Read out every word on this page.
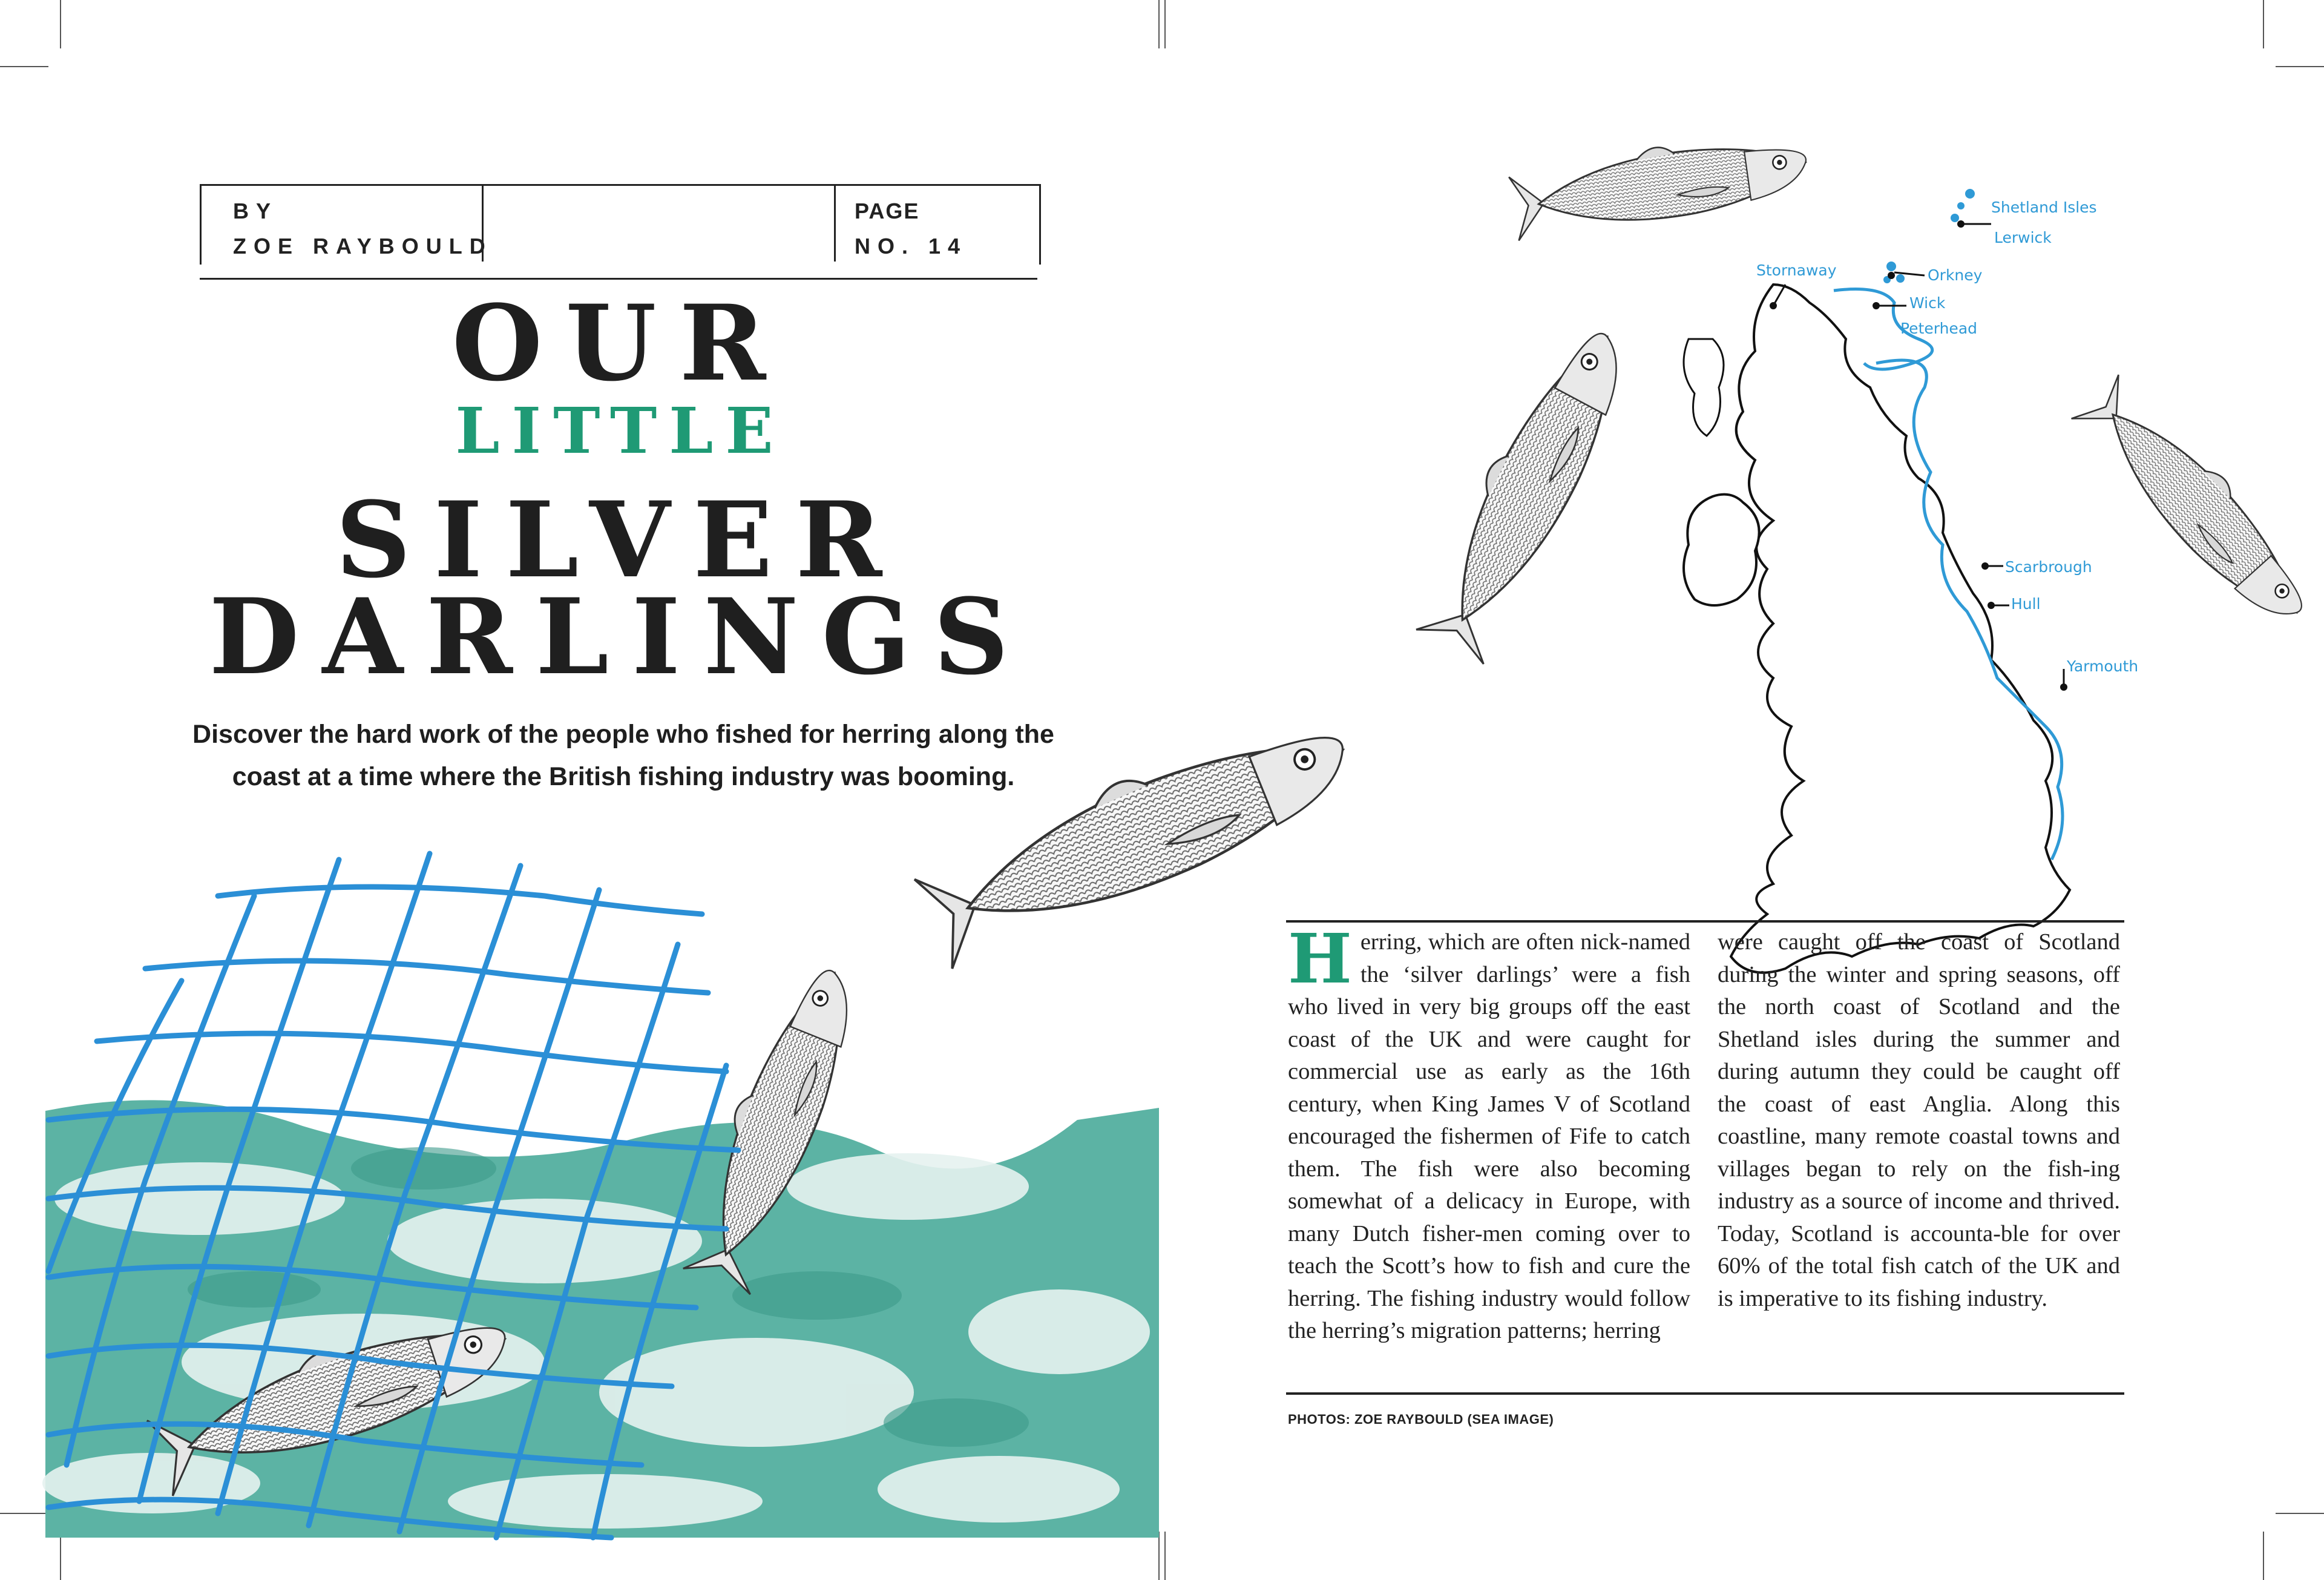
BY
ZOE RAYBOULD
PAGE
NO. 14
OUR
LITTLE
SILVER
DARLINGS
Discover the hard work of the people who fished for herring along the coast at a time where the British fishing industry was booming.
Shetland Isles
Lerwick
Stornaway	Orkney
Wick
Peterhead
Scarbrough
Hull
Yarmouth
Herring, which are often nick-named the ‘silver darlings’ were a fish who lived in very big groups off the east coast of the UK and were caught for commercial use as early as the 16th century, when King James V of Scotland encouraged the fishermen of Fife to catch them. The fish were also becoming somewhat of a delicacy in Europe, with many Dutch fisher-men coming over to teach the Scott’s how to fish and cure the herring. The fishing industry would follow the herring’s migration patterns; herring
were caught off the coast of Scotland during the winter and spring seasons, off the north coast of Scotland and the Shetland isles during the summer and during autumn they could be caught off the coast of east Anglia. Along this coastline, many remote coastal towns and villages began to rely on the fish-ing industry as a source of income and thrived. Today, Scotland is accounta-ble for over 60% of the total fish catch of the UK and is imperative to its fishing industry.
PHOTOS: ZOE RAYBOULD (SEA IMAGE)
